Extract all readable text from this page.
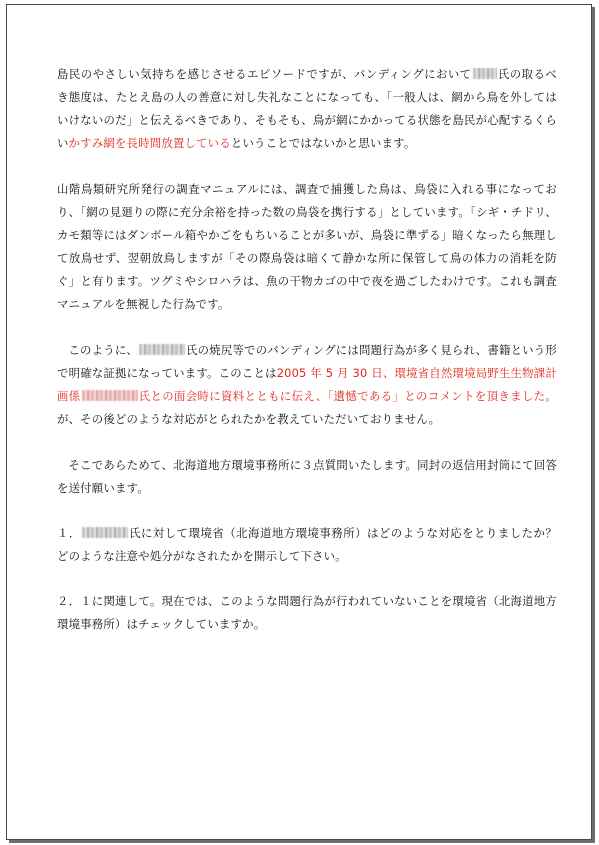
島民のやさしい気持ちを感じさせるエピソードですが、バンディングにおいて 氏の取るべき態度は、たとえ島の人の善意に対し失礼なことになっても、「一般人は、網から鳥を外してはいけないのだ」と伝えるべきであり、そもそも、鳥が網にかかってる状態を島民が心配するくらいかすみ網を長時間放置しているということではないかと思います。

山階鳥類研究所発行の調査マニュアルには、調査で捕獲した鳥は、鳥袋に入れる事になっており、「網の見廻りの際に充分余裕を持った数の鳥袋を携行する」としています。「シギ・チドリ、カモ類等にはダンボール箱やかごをもちいることが多いが、鳥袋に準ずる」暗くなったら無理して放鳥せず、翌朝放鳥しますが「その際鳥袋は暗くて静かな所に保管して鳥の体力の消耗を防ぐ」と有ります。ツグミやシロハラは、魚の干物カゴの中で夜を過ごしたわけです。これも調査マニュアルを無視した行為です。

このように、	氏の焼尻等でのバンディングには問題行為が多く見られ、書籍という形で明確な証拠になっています。このことは2005 年 5 月 30 日、環境省自然環境局野生生物課計画係	氏との面会時に資料とともに伝え、「遺憾である」とのコメントを頂きました。が、その後どのような対応がとられたかを教えていただいておりません。

そこであらためて、北海道地方環境事務所に３点質問いたします。同封の返信用封筒にて回答を送付願います。

１．	氏に対して環境省（北海道地方環境事務所）はどのような対応をとりましたか？どのような注意や処分がなされたかを開示して下さい。

２．１に関連して。現在では、このような問題行為が行われていないことを環境省（北海道地方環境事務所）はチェックしていますか。
